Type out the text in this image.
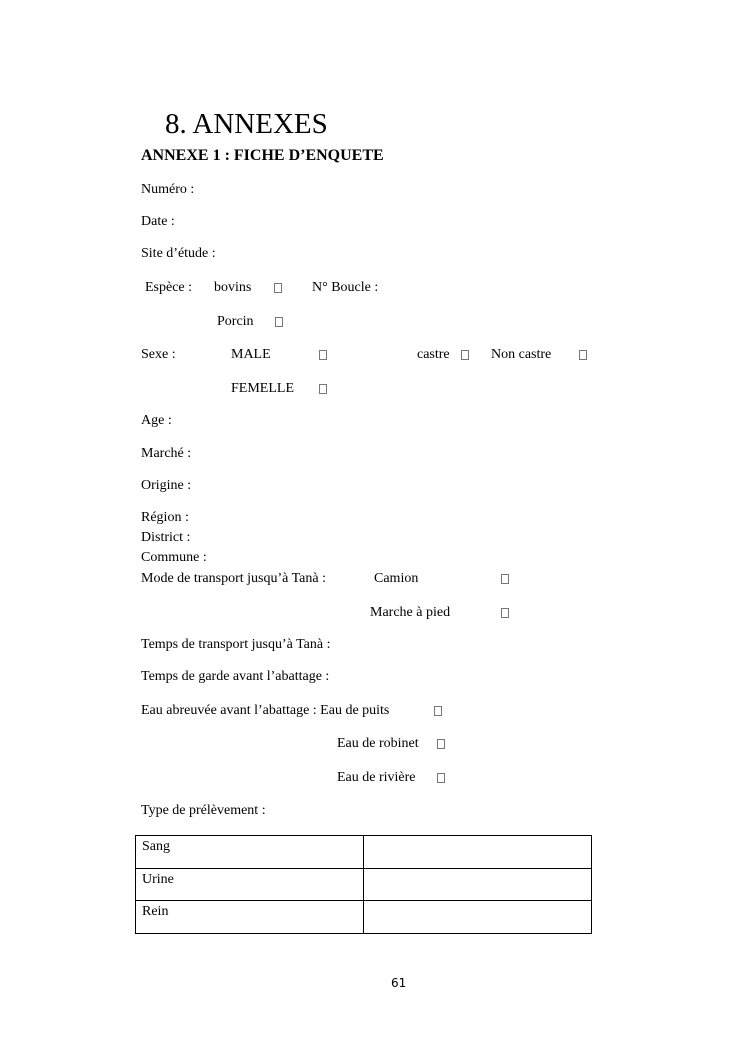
8. ANNEXES
ANNEXE 1 : FICHE D’ENQUETE
Numéro :
Date :
Site d’étude :
Espèce : bovins	N° Boucle :
Porcin
Sexe :	MALE	castre	Non castre
FEMELLE
Age :
Marché :
Origine :
Région :
District :
Commune :
Mode de transport jusqu’à Tanà :	Camion
Marche à pied
Temps de transport jusqu’à Tanà :
Temps de garde avant l’abattage :
Eau abreuvée avant l’abattage : Eau de puits
Eau de robinet
Eau de rivière
Type de prélèvement :
Sang	
Urine	
Rein	
61
